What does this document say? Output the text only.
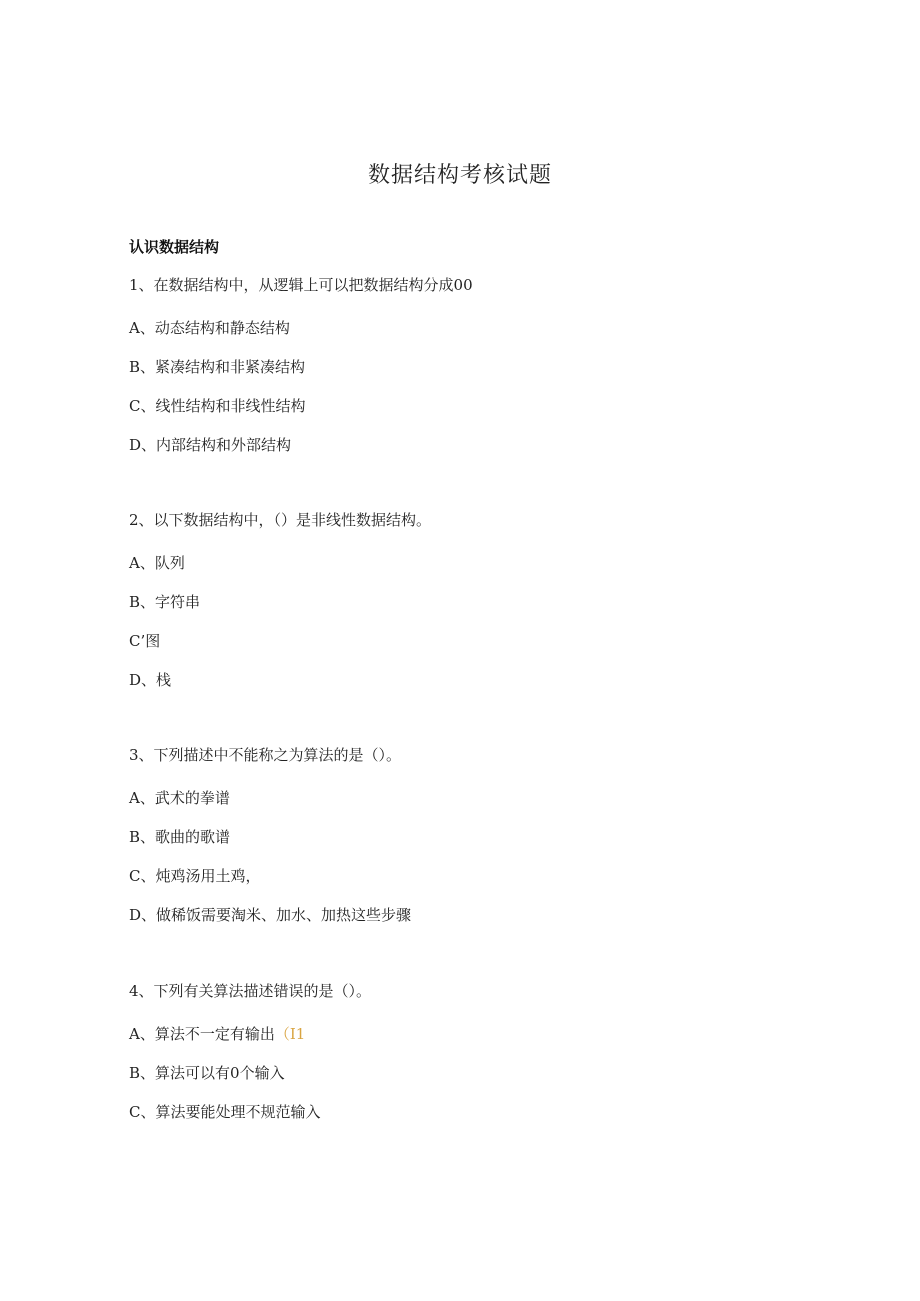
数据结构考核试题
认识数据结构
1、在数据结构中，从逻辑上可以把数据结构分成00
A、动态结构和静态结构
B、紧凑结构和非紧凑结构
C、线性结构和非线性结构
D、内部结构和外部结构
2、以下数据结构中，（）是非线性数据结构。
A、队列
B、字符串
C’图
D、栈
3、下列描述中不能称之为算法的是（）。
A、武术的拳谱
B、歌曲的歌谱
C、炖鸡汤用土鸡，
D、做稀饭需要淘米、加水、加热这些步骤
4、下列有关算法描述错误的是（）。
A、算法不一定有输出（I1
B、算法可以有0个输入
C、算法要能处理不规范输入
